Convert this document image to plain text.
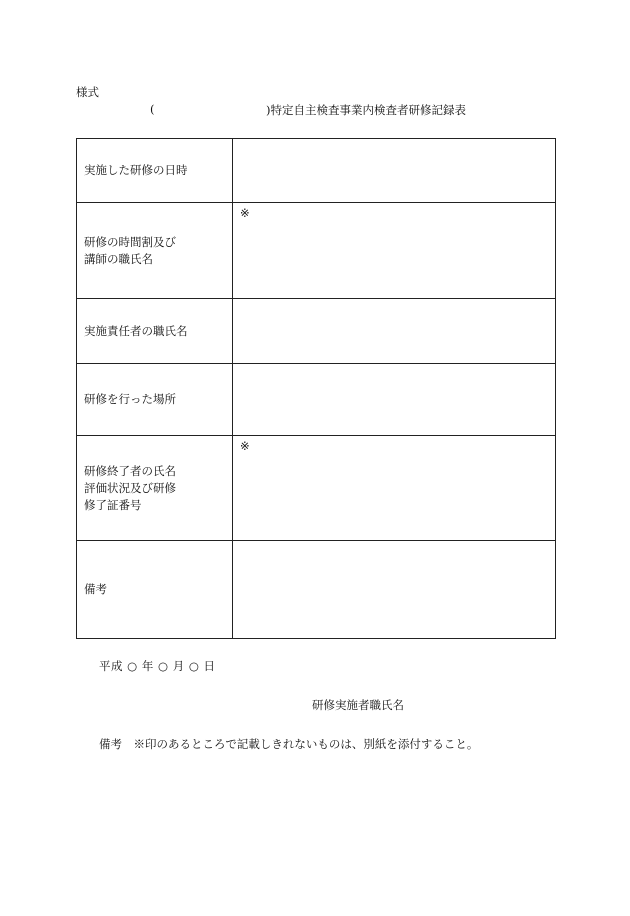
様式
(	)特定自主検査事業内検査者研修記録表
実施した研修の日時	

研修の時間割及び
講師の職氏名	※

実施責任者の職氏名	

研修を行った場所	

研修終了者の氏名
評価状況及び研修
修了証番号	※

備考	

平成 ○ 年 ○ 月 ○ 日
研修実施者職氏名
備考　※印のあるところで記載しきれないものは、別紙を添付すること。
